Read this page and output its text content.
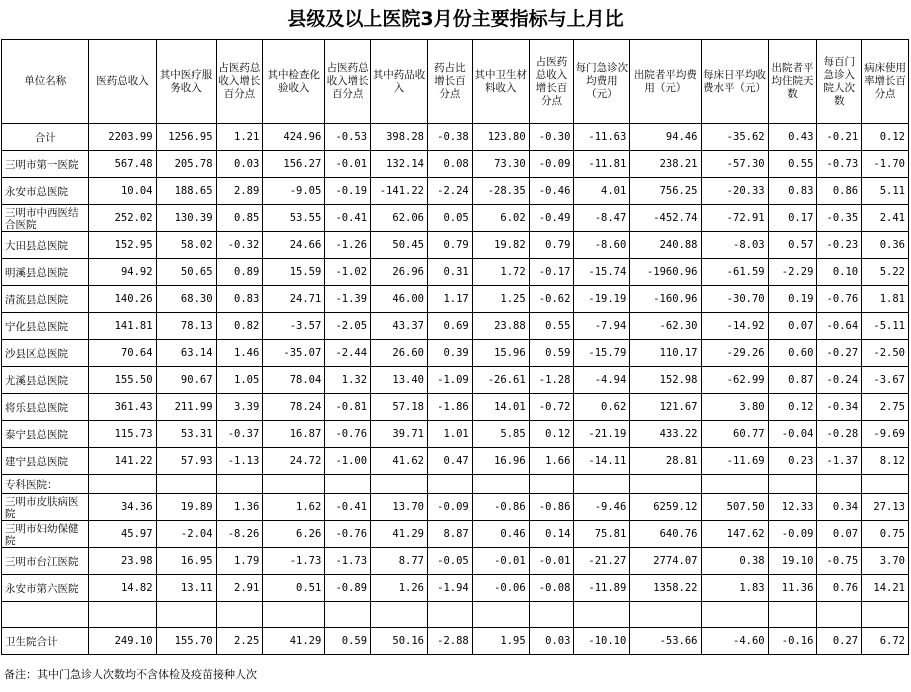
县级及以上医院3月份主要指标与上月比
单位名称	医药总收入	其中医疗服务收入	占医药总收入增长百分点	其中检查化验收入	占医药总收入增长百分点	其中药品收入	药占比增长百分点	其中卫生材料收入	占医药总收入增长百分点	每门急诊次均费用（元）	出院者平均费用（元）	每床日平均收费水平（元）	出院者平均住院天数	每百门急诊入院人次数	病床使用率增长百分点
合计	2203.99	1256.95	1.21	424.96	-0.53	398.28	-0.38	123.80	-0.30	-11.63	94.46	-35.62	0.43	-0.21	0.12
三明市第一医院	567.48	205.78	0.03	156.27	-0.01	132.14	0.08	73.30	-0.09	-11.81	238.21	-57.30	0.55	-0.73	-1.70
永安市总医院	10.04	188.65	2.89	-9.05	-0.19	-141.22	-2.24	-28.35	-0.46	4.01	756.25	-20.33	0.83	0.86	5.11
三明市中西医结合医院	252.02	130.39	0.85	53.55	-0.41	62.06	0.05	6.02	-0.49	-8.47	-452.74	-72.91	0.17	-0.35	2.41
大田县总医院	152.95	58.02	-0.32	24.66	-1.26	50.45	0.79	19.82	0.79	-8.60	240.88	-8.03	0.57	-0.23	0.36
明溪县总医院	94.92	50.65	0.89	15.59	-1.02	26.96	0.31	1.72	-0.17	-15.74	-1960.96	-61.59	-2.29	0.10	5.22
清流县总医院	140.26	68.30	0.83	24.71	-1.39	46.00	1.17	1.25	-0.62	-19.19	-160.96	-30.70	0.19	-0.76	1.81
宁化县总医院	141.81	78.13	0.82	-3.57	-2.05	43.37	0.69	23.88	0.55	-7.94	-62.30	-14.92	0.07	-0.64	-5.11
沙县区总医院	70.64	63.14	1.46	-35.07	-2.44	26.60	0.39	15.96	0.59	-15.79	110.17	-29.26	0.60	-0.27	-2.50
尤溪县总医院	155.50	90.67	1.05	78.04	1.32	13.40	-1.09	-26.61	-1.28	-4.94	152.98	-62.99	0.87	-0.24	-3.67
将乐县总医院	361.43	211.99	3.39	78.24	-0.81	57.18	-1.86	14.01	-0.72	0.62	121.67	3.80	0.12	-0.34	2.75
泰宁县总医院	115.73	53.31	-0.37	16.87	-0.76	39.71	1.01	5.85	0.12	-21.19	433.22	60.77	-0.04	-0.28	-9.69
建宁县总医院	141.22	57.93	-1.13	24.72	-1.00	41.62	0.47	16.96	1.66	-14.11	28.81	-11.69	0.23	-1.37	8.12
专科医院：															
三明市皮肤病医院	34.36	19.89	1.36	1.62	-0.41	13.70	-0.09	-0.86	-0.86	-9.46	6259.12	507.50	12.33	0.34	27.13
三明市妇幼保健院	45.97	-2.04	-8.26	6.26	-0.76	41.29	8.87	0.46	0.14	75.81	640.76	147.62	-0.09	0.07	0.75
三明市台江医院	23.98	16.95	1.79	-1.73	-1.73	8.77	-0.05	-0.01	-0.01	-21.27	2774.07	0.38	19.10	-0.75	3.70
永安市第六医院	14.82	13.11	2.91	0.51	-0.89	1.26	-1.94	-0.06	-0.08	-11.89	1358.22	1.83	11.36	0.76	14.21

卫生院合计	249.10	155.70	2.25	41.29	0.59	50.16	-2.88	1.95	0.03	-10.10	-53.66	-4.60	-0.16	0.27	6.72
备注：其中门急诊人次数均不含体检及疫苗接种人次
